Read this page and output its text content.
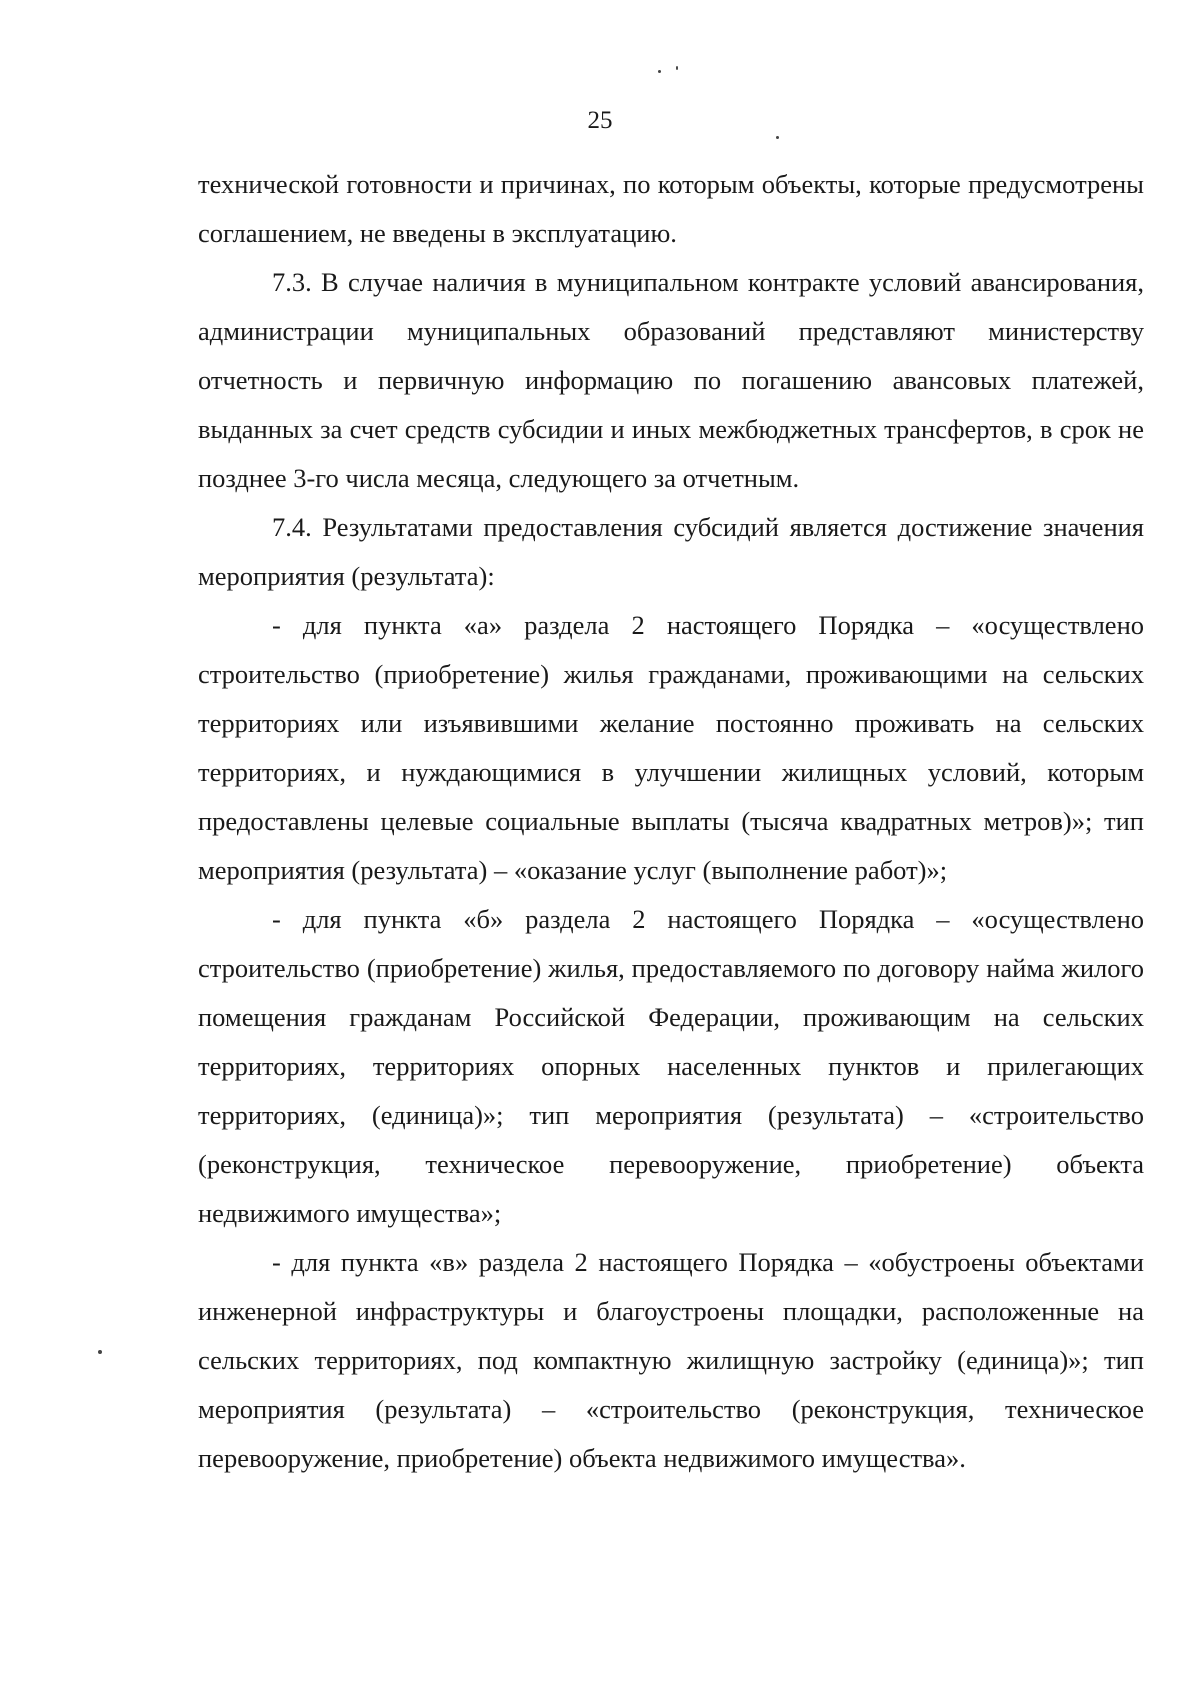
25

технической готовности и причинах, по которым объекты, которые предусмотрены соглашением, не введены в эксплуатацию.

7.3. В случае наличия в муниципальном контракте условий авансирования, администрации муниципальных образований представляют министерству отчетность и первичную информацию по погашению авансовых платежей, выданных за счет средств субсидии и иных межбюджетных трансфертов, в срок не позднее 3-го числа месяца, следующего за отчетным.

7.4. Результатами предоставления субсидий является достижение значения мероприятия (результата):

- для пункта «а» раздела 2 настоящего Порядка – «осуществлено строительство (приобретение) жилья гражданами, проживающими на сельских территориях или изъявившими желание постоянно проживать на сельских территориях, и нуждающимися в улучшении жилищных условий, которым предоставлены целевые социальные выплаты (тысяча квадратных метров)»; тип мероприятия (результата) – «оказание услуг (выполнение работ)»;

- для пункта «б» раздела 2 настоящего Порядка – «осуществлено строительство (приобретение) жилья, предоставляемого по договору найма жилого помещения гражданам Российской Федерации, проживающим на сельских территориях, территориях опорных населенных пунктов и прилегающих территориях, (единица)»; тип мероприятия (результата) – «строительство (реконструкция, техническое перевооружение, приобретение) объекта недвижимого имущества»;

- для пункта «в» раздела 2 настоящего Порядка – «обустроены объектами инженерной инфраструктуры и благоустроены площадки, расположенные на сельских территориях, под компактную жилищную застройку (единица)»; тип мероприятия (результата) – «строительство (реконструкция, техническое перевооружение, приобретение) объекта недвижимого имущества».
